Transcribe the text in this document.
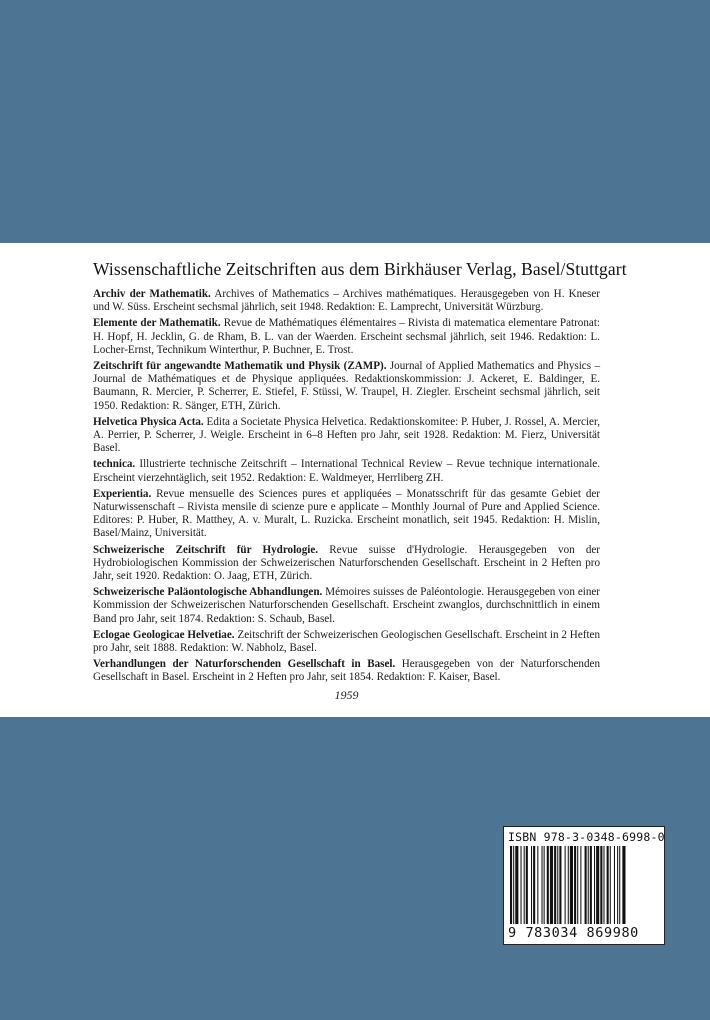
Wissenschaftliche Zeitschriften aus dem Birkhäuser Verlag, Basel/Stuttgart
Archiv der Mathematik. Archives of Mathematics – Archives mathématiques. Herausgegeben von H. Kneser und W. Süss. Erscheint sechsmal jährlich, seit 1948. Redaktion: E. Lamprecht, Universität Würzburg.
Elemente der Mathematik. Revue de Mathématiques élémentaires – Rivista di matematica elementare Patronat: H. Hopf, H. Jecklin, G. de Rham, B. L. van der Waerden. Erscheint sechsmal jährlich, seit 1946. Redaktion: L. Locher-Ernst, Technikum Winterthur, P. Buchner, E. Trost.
Zeitschrift für angewandte Mathematik und Physik (ZAMP). Journal of Applied Mathematics and Physics – Journal de Mathématiques et de Physique appliquées. Redaktionskommission: J. Ackeret, E. Baldinger, E. Baumann, R. Mercier, P. Scherrer, E. Stiefel, F. Stüssi, W. Traupel, H. Ziegler. Erscheint sechsmal jährlich, seit 1950. Redaktion: R. Sänger, ETH, Zürich.
Helvetica Physica Acta. Edita a Societate Physica Helvetica. Redaktionskomitee: P. Huber, J. Rossel, A. Mercier, A. Perrier, P. Scherrer, J. Weigle. Erscheint in 6–8 Heften pro Jahr, seit 1928. Redaktion: M. Fierz, Universität Basel.
technica. Illustrierte technische Zeitschrift – International Technical Review – Revue technique internationale. Erscheint vierzehntäglich, seit 1952. Redaktion: E. Waldmeyer, Herrliberg ZH.
Experientia. Revue mensuelle des Sciences pures et appliquées – Monatsschrift für das gesamte Gebiet der Naturwissenschaft – Rivista mensile di scienze pure e applicate – Monthly Journal of Pure and Applied Science. Editores: P. Huber, R. Matthey, A. v. Muralt, L. Ruzicka. Erscheint monatlich, seit 1945. Redaktion: H. Mislin, Basel/Mainz, Universität.
Schweizerische Zeitschrift für Hydrologie. Revue suisse d'Hydrologie. Herausgegeben von der Hydrobiologischen Kommission der Schweizerischen Naturforschenden Gesellschaft. Erscheint in 2 Heften pro Jahr, seit 1920. Redaktion: O. Jaag, ETH, Zürich.
Schweizerische Paläontologische Abhandlungen. Mémoires suisses de Paléontologie. Herausgegeben von einer Kommission der Schweizerischen Naturforschenden Gesellschaft. Erscheint zwanglos, durchschnittlich in einem Band pro Jahr, seit 1874. Redaktion: S. Schaub, Basel.
Eclogae Geologicae Helvetiae. Zeitschrift der Schweizerischen Geologischen Gesellschaft. Erscheint in 2 Heften pro Jahr, seit 1888. Redaktion: W. Nabholz, Basel.
Verhandlungen der Naturforschenden Gesellschaft in Basel. Herausgegeben von der Naturforschenden Gesellschaft in Basel. Erscheint in 2 Heften pro Jahr, seit 1854. Redaktion: F. Kaiser, Basel.
1959
ISBN 978-3-0348-6998-0
9 783034 869980
